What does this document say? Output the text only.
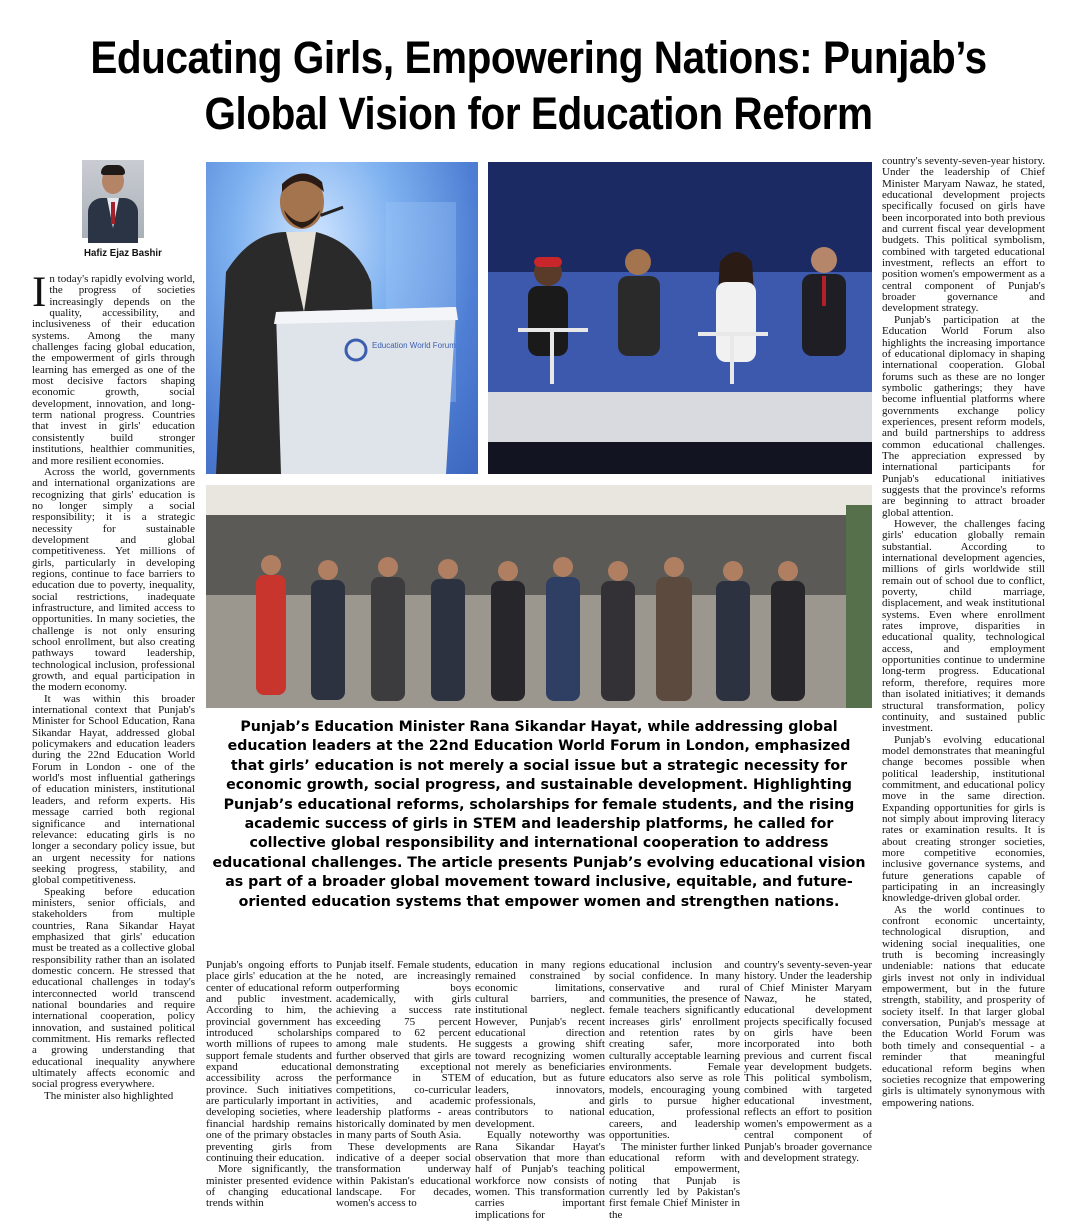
Educating Girls, Empowering Nations: Punjab’s Global Vision for Education Reform
Hafiz Ejaz Bashir
Education World Forum

In today's rapidly evolving world, the progress of societies increasingly depends on the quality, accessibility, and inclusiveness of their education systems. Among the many challenges facing global education, the empowerment of girls through learning has emerged as one of the most decisive factors shaping economic growth, social development, innovation, and long-term national progress. Countries that invest in girls' education consistently build stronger institutions, healthier communities, and more resilient economies.

Across the world, governments and international organizations are recognizing that girls' education is no longer simply a social responsibility; it is a strategic necessity for sustainable development and global competitiveness. Yet millions of girls, particularly in developing regions, continue to face barriers to education due to poverty, inequality, social restrictions, inadequate infrastructure, and limited access to opportunities. In many societies, the challenge is not only ensuring school enrollment, but also creating pathways toward leadership, technological inclusion, professional growth, and equal participation in the modern economy.

It was within this broader international context that Punjab's Minister for School Education, Rana Sikandar Hayat, addressed global policymakers and education leaders during the 22nd Education World Forum in London - one of the world's most influential gatherings of education ministers, institutional leaders, and reform experts. His message carried both regional significance and international relevance: educating girls is no longer a secondary policy issue, but an urgent necessity for nations seeking progress, stability, and global competitiveness.

Speaking before education ministers, senior officials, and stakeholders from multiple countries, Rana Sikandar Hayat emphasized that girls' education must be treated as a collective global responsibility rather than an isolated domestic concern. He stressed that educational challenges in today's interconnected world transcend national boundaries and require international cooperation, policy innovation, and sustained political commitment. His remarks reflected a growing understanding that educational inequality anywhere ultimately affects economic and social progress everywhere.

The minister also highlighted

Punjab’s Education Minister Rana Sikandar Hayat, while addressing global education leaders at the 22nd Education World Forum in London, emphasized that girls’ education is not merely a social issue but a strategic necessity for economic growth, social progress, and sustainable development. Highlighting Punjab’s educational reforms, scholarships for female students, and the rising academic success of girls in STEM and leadership platforms, he called for collective global responsibility and international cooperation to address educational challenges. The article presents Punjab’s evolving educational vision as part of a broader global movement toward inclusive, equitable, and future-oriented education systems that empower women and strengthen nations.

Punjab's ongoing efforts to place girls' education at the center of educational reform and public investment. According to him, the provincial government has introduced scholarships worth millions of rupees to support female students and expand educational accessibility across the province. Such initiatives are particularly important in developing societies, where financial hardship remains one of the primary obstacles preventing girls from continuing their education.

More significantly, the minister presented evidence of changing educational trends within

Punjab itself. Female students, he noted, are increasingly outperforming boys academically, with girls achieving a success rate exceeding 75 percent compared to 62 percent among male students. He further observed that girls are demonstrating exceptional performance in STEM competitions, co-curricular activities, and academic leadership platforms - areas historically dominated by men in many parts of South Asia.

These developments are indicative of a deeper social transformation underway within Pakistan's educational landscape. For decades, women's access to

education in many regions remained constrained by economic limitations, cultural barriers, and institutional neglect. However, Punjab's recent educational direction suggests a growing shift toward recognizing women not merely as beneficiaries of education, but as future leaders, innovators, professionals, and contributors to national development.

Equally noteworthy was Rana Sikandar Hayat's observation that more than half of Punjab's teaching workforce now consists of women. This transformation carries important implications for

educational inclusion and social confidence. In many conservative and rural communities, the presence of female teachers significantly increases girls' enrollment and retention rates by creating safer, more culturally acceptable learning environments. Female educators also serve as role models, encouraging young girls to pursue higher education, professional careers, and leadership opportunities.

The minister further linked educational reform with political empowerment, noting that Punjab is currently led by Pakistan's first female Chief Minister in the

country's seventy-seven-year history. Under the leadership of Chief Minister Maryam Nawaz, he stated, educational development projects specifically focused on girls have been incorporated into both previous and current fiscal year development budgets. This political symbolism, combined with targeted educational investment, reflects an effort to position women's empowerment as a central component of Punjab's broader governance and development strategy.

country's seventy-seven-year history. Under the leadership of Chief Minister Maryam Nawaz, he stated, educational development projects specifically focused on girls have been incorporated into both previous and current fiscal year development budgets. This political symbolism, combined with targeted educational investment, reflects an effort to position women's empowerment as a central component of Punjab's broader governance and development strategy.

Punjab's participation at the Education World Forum also highlights the increasing importance of educational diplomacy in shaping international cooperation. Global forums such as these are no longer symbolic gatherings; they have become influential platforms where governments exchange policy experiences, present reform models, and build partnerships to address common educational challenges. The appreciation expressed by international participants for Punjab's educational initiatives suggests that the province's reforms are beginning to attract broader global attention.

However, the challenges facing girls' education globally remain substantial. According to international development agencies, millions of girls worldwide still remain out of school due to conflict, poverty, child marriage, displacement, and weak institutional systems. Even where enrollment rates improve, disparities in educational quality, technological access, and employment opportunities continue to undermine long-term progress. Educational reform, therefore, requires more than isolated initiatives; it demands structural transformation, policy continuity, and sustained public investment.

Punjab's evolving educational model demonstrates that meaningful change becomes possible when political leadership, institutional commitment, and educational policy move in the same direction. Expanding opportunities for girls is not simply about improving literacy rates or examination results. It is about creating stronger societies, more competitive economies, inclusive governance systems, and future generations capable of participating in an increasingly knowledge-driven global order.

As the world continues to confront economic uncertainty, technological disruption, and widening social inequalities, one truth is becoming increasingly undeniable: nations that educate girls invest not only in individual empowerment, but in the future strength, stability, and prosperity of society itself. In that larger global conversation, Punjab's message at the Education World Forum was both timely and consequential - a reminder that meaningful educational reform begins when societies recognize that empowering girls is ultimately synonymous with empowering nations.
